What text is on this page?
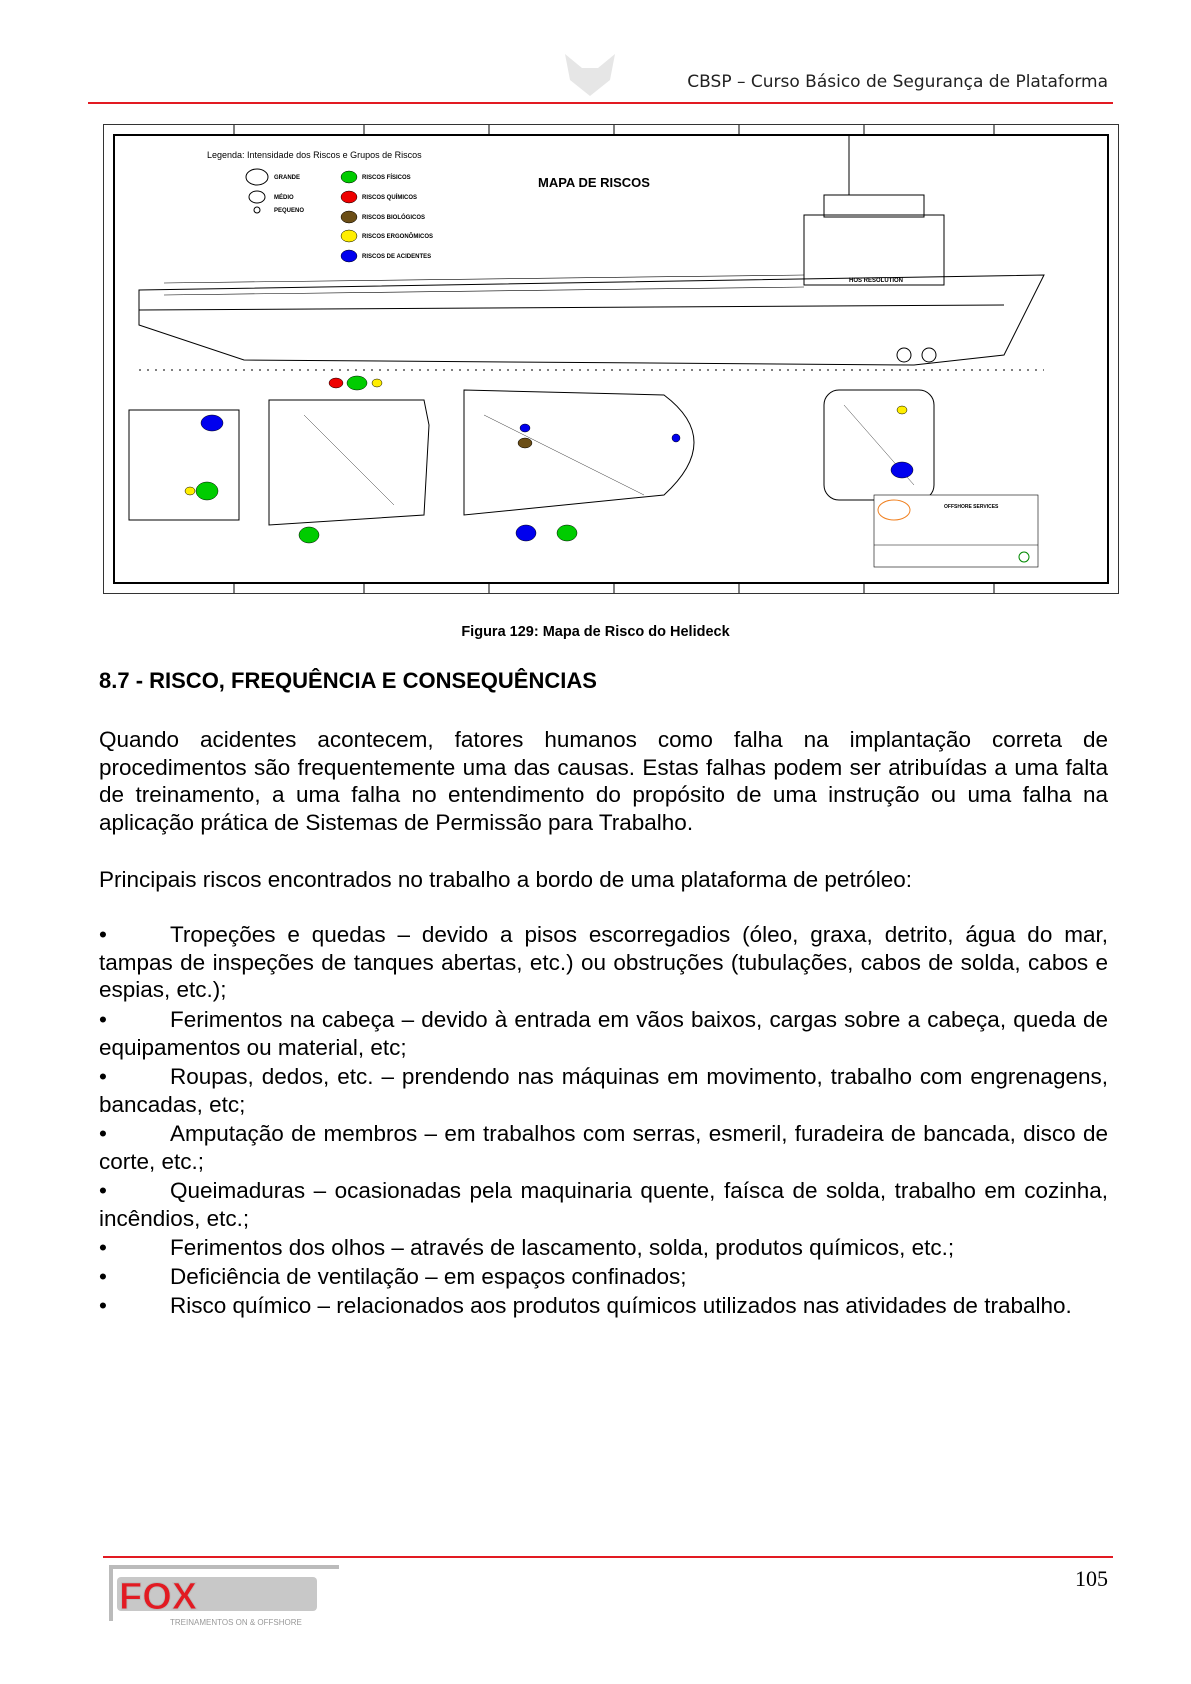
CBSP – Curso Básico de Segurança de Plataforma
Legenda: Intensidade dos Riscos e Grupos de Riscos
GRANDE
MÉDIO
PEQUENO
RISCOS FÍSICOS
RISCOS QUÍMICOS
RISCOS BIOLÓGICOS
RISCOS ERGONÔMICOS
RISCOS DE ACIDENTES
MAPA DE RISCOS
HOS RESOLUTION
OFFSHORE SERVICES
Figura 129: Mapa de Risco do Helideck
8.7 - RISCO, FREQUÊNCIA E CONSEQUÊNCIAS
Quando acidentes acontecem, fatores humanos como falha na implantação correta de procedimentos são frequentemente uma das causas. Estas falhas podem ser atribuídas a uma falta de treinamento, a uma falha no entendimento do propósito de uma instrução ou uma falha na aplicação prática de Sistemas de Permissão para Trabalho.
Principais riscos encontrados no trabalho a bordo de uma plataforma de petróleo:
•	Tropeções e quedas – devido a pisos escorregadios (óleo, graxa, detrito, água do mar, tampas de inspeções de tanques abertas, etc.) ou obstruções (tubulações, cabos de solda, cabos e espias, etc.);
•	Ferimentos na cabeça – devido à entrada em vãos baixos, cargas sobre a cabeça, queda de equipamentos ou material, etc;
•	Roupas, dedos, etc. – prendendo nas máquinas em movimento, trabalho com engrenagens, bancadas, etc;
•	Amputação de membros – em trabalhos com serras, esmeril, furadeira de bancada, disco de corte, etc.;
•	Queimaduras – ocasionadas pela maquinaria quente, faísca de solda, trabalho em cozinha, incêndios, etc.;
•	Ferimentos dos olhos – através de lascamento, solda, produtos químicos, etc.;
•	Deficiência de ventilação – em espaços confinados;
•	Risco químico – relacionados aos produtos químicos utilizados nas atividades de trabalho.
FOX
TREINAMENTOS ON & OFFSHORE
105
